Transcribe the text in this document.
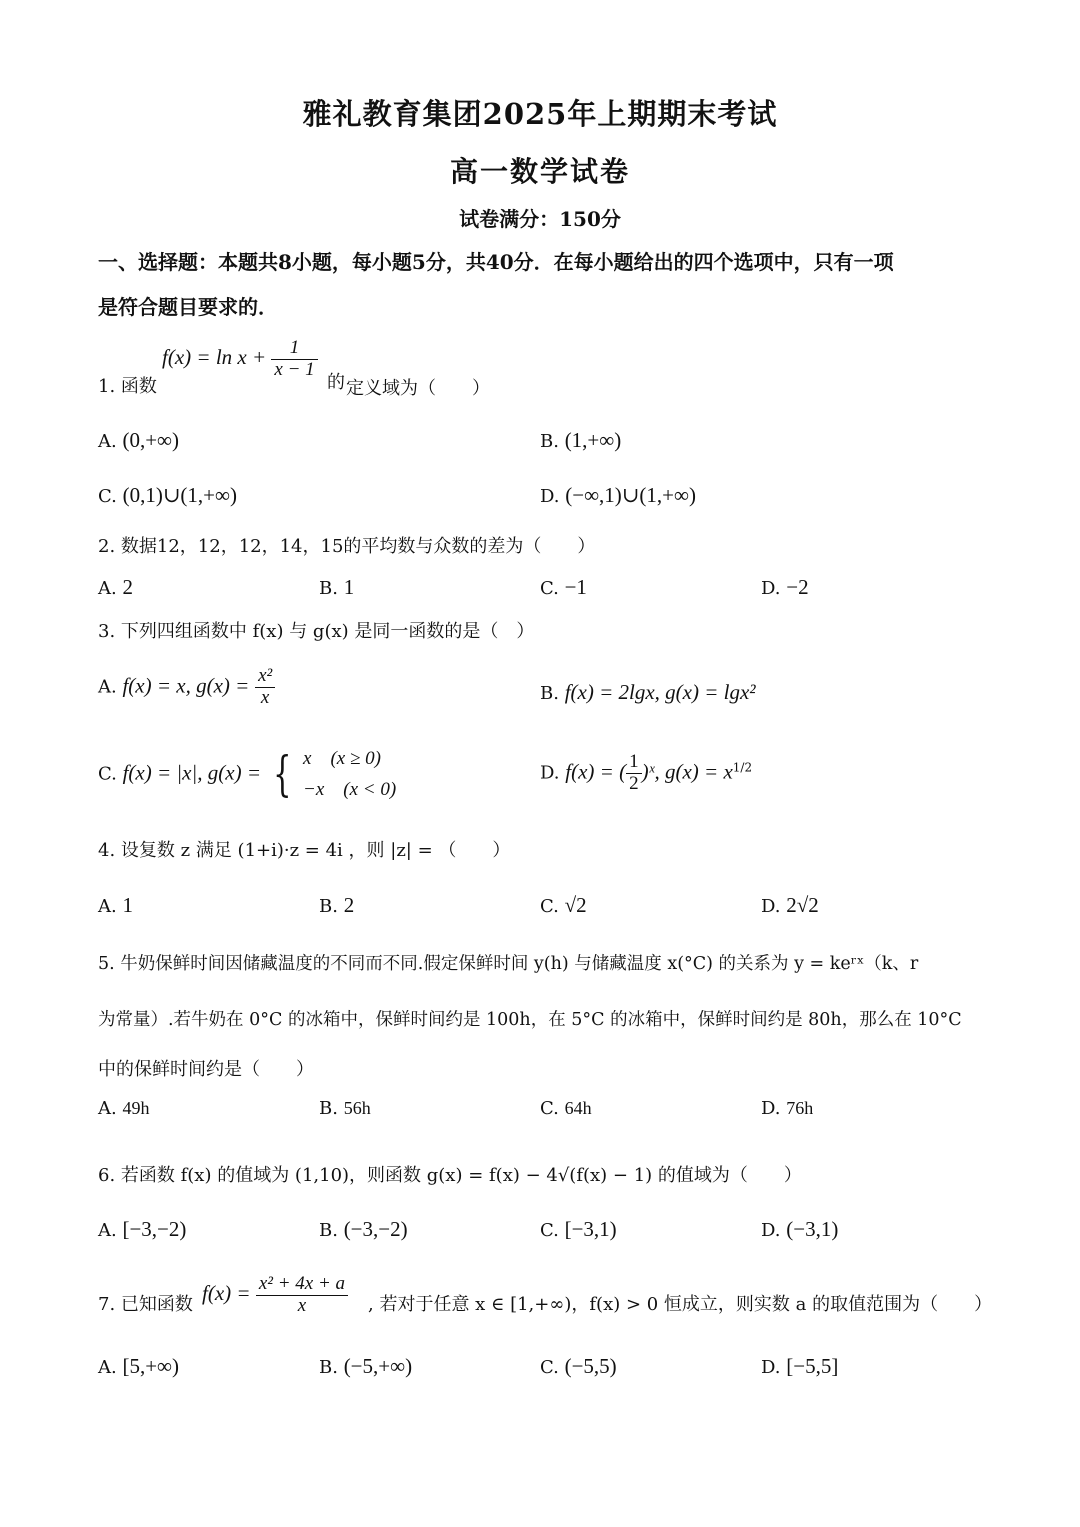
雅礼教育集团2025年上期期末考试
高一数学试卷
试卷满分：150分
一、选择题：本题共8小题，每小题5分，共40分．在每小题给出的四个选项中，只有一项
是符合题目要求的．
1. 函数
$f(x) = \ln x + \frac{1}{x - 1}$
的 定义域为（　　）
A. (0,+∞)	B. (1,+∞)
C. (0,1)∪(1,+∞)	D. (−∞,1)∪(1,+∞)
2. 数据12，12，12，14，15的平均数与众数的差为（　　）
A. 2	B. 1	C. −1	D. −2
3. 下列四组函数中 f(x) 与 g(x) 是同一函数的是（　）
A. f(x) = x, $g(x) = \frac{\text{x²}}{x}$	B. f(x) = 2lgx, g(x) = lgx²
C. f(x) = |x|, g(x) = { x　(x ≥ 0)
−x　(x < 0)
D. f(x) = ( $\frac{1}{2}$ )ˣ, $g(x) = x^{1/2}$
4. 设复数 z 满足 (1+i)·z = 4i ，则 |z| = （　　）
A. 1	B. 2	C. √2	D. 2√2
5. 牛奶保鲜时间因储藏温度的不同而不同.假定保鲜时间 y(h) 与储藏温度 x(°C) 的关系为 y = keʳˣ（k、r
为常量）.若牛奶在 0°C 的冰箱中，保鲜时间约是 100h，在 5°C 的冰箱中，保鲜时间约是 80h，那么在 10°C
中的保鲜时间约是（　　）
A. 49h	B. 56h	C. 64h	D. 76h
6. 若函数 f(x) 的值域为 (1,10)，则函数 g(x) = f(x) − 4√(f(x) − 1) 的值域为（　　）
A. [−3,−2)	B. (−3,−2)	C. [−3,1)	D. (−3,1)
7. 已知函数 $f(x) = \frac{\text{x² + 4x + a}}{x}$ , 若对于任意 x ∈ [1,+∞)，f(x) > 0 恒成立，则实数 a 的取值范围为（　　）
A. [5,+∞)	B. (−5,+∞)	C. (−5,5)	D. [−5,5]
